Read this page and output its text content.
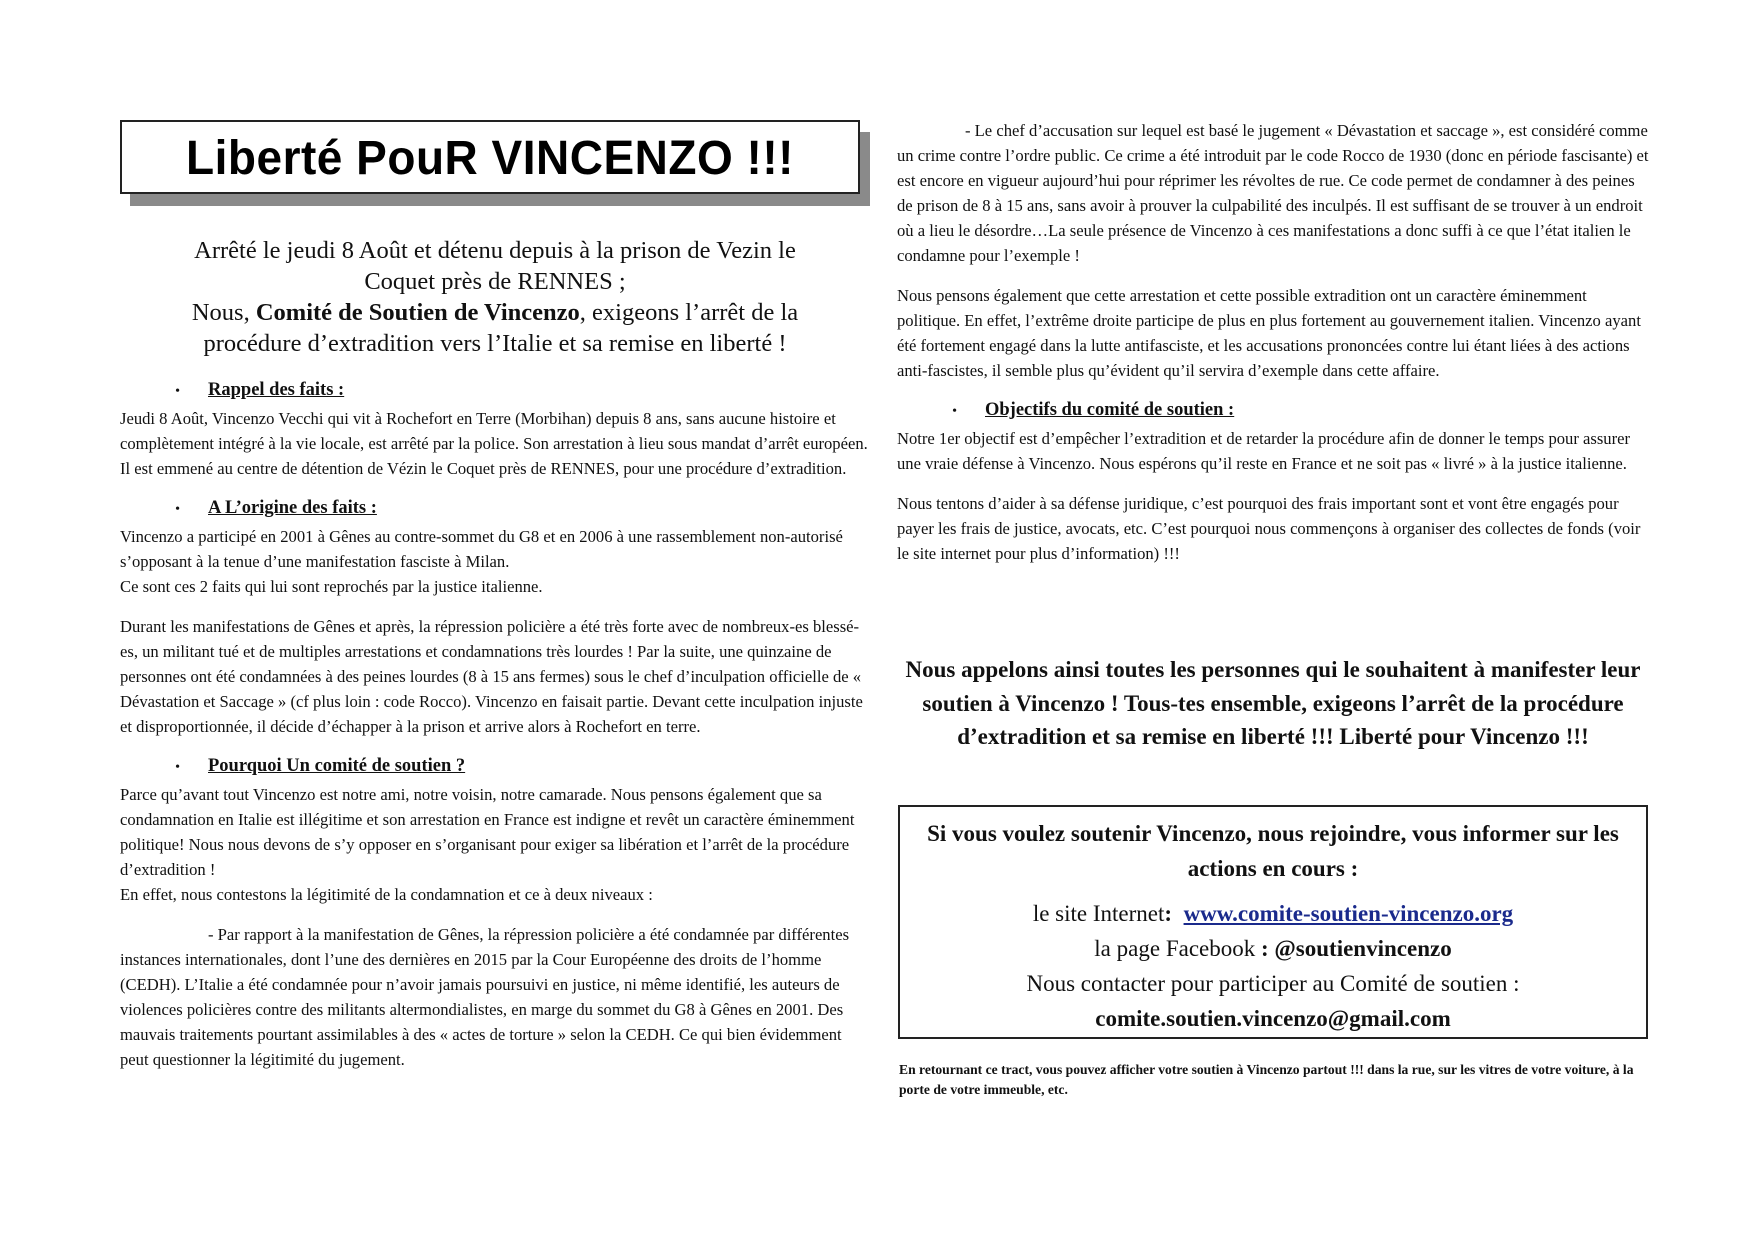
Liberté PouR VINCENZO !!!
Arrêté le jeudi 8 Août et détenu depuis à la prison de Vezin le
Coquet près de RENNES ;
Nous, Comité de Soutien de Vincenzo, exigeons l’arrêt de la
procédure d’extradition vers l’Italie et sa remise en liberté !
•	Rappel des faits :

Jeudi 8 Août, Vincenzo Vecchi qui vit à Rochefort en Terre (Morbihan) depuis 8 ans, sans aucune histoire et complètement intégré à la vie locale, est arrêté par la police. Son arrestation à lieu sous mandat d’arrêt européen. Il est emmené au centre de détention de Vézin le Coquet près de RENNES, pour une procédure d’extradition.

•	A L’origine des faits :

Vincenzo a participé en 2001 à Gênes au contre-sommet du G8 et en 2006 à une rassemblement non-autorisé s’opposant à la tenue d’une manifestation fasciste à Milan.

Ce sont ces 2 faits qui lui sont reprochés par la justice italienne.

Durant les manifestations de Gênes et après, la répression policière a été très forte avec de nombreux-es blessé-es, un militant tué et de multiples arrestations et condamnations très lourdes ! Par la suite, une quinzaine de personnes ont été condamnées à des peines lourdes (8 à 15 ans fermes) sous le chef d’inculpation officielle de « Dévastation et Saccage » (cf plus loin : code Rocco). Vincenzo en faisait partie. Devant cette inculpation injuste et disproportionnée, il décide d’échapper à la prison et arrive alors à Rochefort en terre.

•	Pourquoi Un comité de soutien ?

Parce qu’avant tout Vincenzo est notre ami, notre voisin, notre camarade. Nous pensons également que sa condamnation en Italie est illégitime et son arrestation en France est indigne et revêt un caractère éminemment politique! Nous nous devons de s’y opposer en s’organisant pour exiger sa libération et l’arrêt de la procédure d’extradition !

En effet, nous contestons la légitimité de la condamnation et ce à deux niveaux :

- Par rapport à la manifestation de Gênes, la répression policière a été condamnée par différentes instances internationales, dont l’une des dernières en 2015 par la Cour Européenne des droits de l’homme (CEDH). L’Italie a été condamnée pour n’avoir jamais poursuivi en justice, ni même identifié, les auteurs de violences policières contre des militants altermondialistes, en marge du sommet du G8 à Gênes en 2001. Des mauvais traitements pourtant assimilables à des « actes de torture » selon la CEDH. Ce qui bien évidemment peut questionner la légitimité du jugement.

- Le chef d’accusation sur lequel est basé le jugement « Dévastation et saccage », est considéré comme un crime contre l’ordre public. Ce crime a été introduit par le code Rocco de 1930 (donc en période fascisante) et est encore en vigueur aujourd’hui pour réprimer les révoltes de rue. Ce code permet de condamner à des peines de prison de 8 à 15 ans, sans avoir à prouver la culpabilité des inculpés. Il est suffisant de se trouver à un endroit où a lieu le désordre…La seule présence de Vincenzo à ces manifestations a donc suffi à ce que l’état italien le condamne pour l’exemple !

Nous pensons également que cette arrestation et cette possible extradition ont un caractère éminemment politique. En effet, l’extrême droite participe de plus en plus fortement au gouvernement italien. Vincenzo ayant été fortement engagé dans la lutte antifasciste, et les accusations prononcées contre lui étant liées à des actions anti-fascistes, il semble plus qu’évident qu’il servira d’exemple dans cette affaire.

•	Objectifs du comité de soutien :

Notre 1er objectif est d’empêcher l’extradition et de retarder la procédure afin de donner le temps pour assurer une vraie défense à Vincenzo. Nous espérons qu’il reste en France et ne soit pas « livré » à la justice italienne.

Nous tentons d’aider à sa défense juridique, c’est pourquoi des frais important sont et vont être engagés pour payer les frais de justice, avocats, etc. C’est pourquoi nous commençons à organiser des collectes de fonds (voir le site internet pour plus d’information) !!!

Nous appelons ainsi toutes les personnes qui le souhaitent à manifester leur soutien à Vincenzo ! Tous-tes ensemble, exigeons l’arrêt de la procédure d’extradition et sa remise en liberté !!! Liberté pour Vincenzo !!!
Si vous voulez soutenir Vincenzo, nous rejoindre, vous informer sur les actions en cours :
le site Internet: www.comite-soutien-vincenzo.org
la page Facebook : @soutienvincenzo
Nous contacter pour participer au Comité de soutien :
comite.soutien.vincenzo@gmail.com
En retournant ce tract, vous pouvez afficher votre soutien à Vincenzo partout !!! dans la rue, sur les vitres de votre voiture, à la porte de votre immeuble, etc.
